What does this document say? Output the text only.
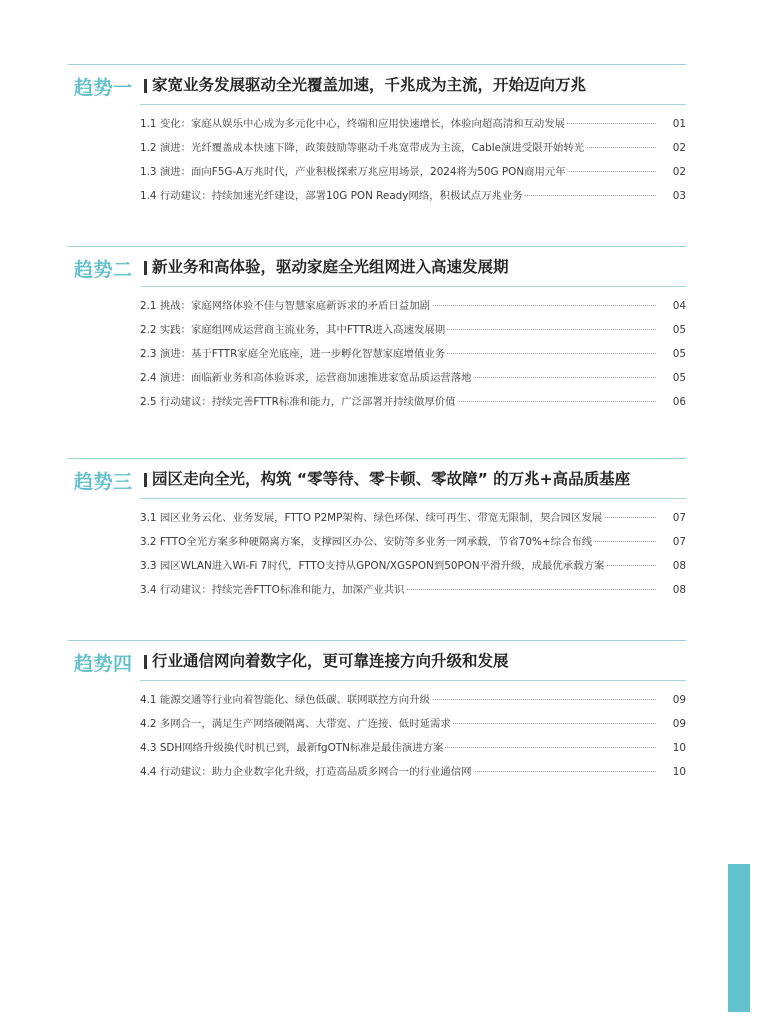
趋势一 家宽业务发展驱动全光覆盖加速，千兆成为主流，开始迈向万兆
1.1 变化：家庭从娱乐中心成为多元化中心，终端和应用快速增长，体验向超高清和互动发展	01
1.2 演进：光纤覆盖成本快速下降，政策鼓励等驱动千兆宽带成为主流，Cable演进受限开始转光	02
1.3 演进：面向F5G-A万兆时代，产业积极探索万兆应用场景，2024将为50G PON商用元年	02
1.4 行动建议：持续加速光纤建设，部署10G PON Ready网络，积极试点万兆业务	03
趋势二 新业务和高体验，驱动家庭全光组网进入高速发展期
2.1 挑战：家庭网络体验不佳与智慧家庭新诉求的矛盾日益加剧	04
2.2 实践：家庭组网成运营商主流业务，其中FTTR进入高速发展期	05
2.3 演进：基于FTTR家庭全光底座，进一步孵化智慧家庭增值业务	05
2.4 演进：面临新业务和高体验诉求，运营商加速推进家宽品质运营落地	05
2.5 行动建议：持续完善FTTR标准和能力，广泛部署并持续做厚价值	06
趋势三 园区走向全光，构筑 “零等待、零卡顿、零故障” 的万兆+高品质基座
3.1 园区业务云化、业务发展，FTTO P2MP架构、绿色环保、续可再生、带宽无限制，契合园区发展	07
3.2 FTTO全光方案多种硬隔离方案，支撑园区办公、安防等多业务一网承载，节省70%+综合布线	07
3.3 园区WLAN进入Wi-Fi 7时代，FTTO支持从GPON/XGSPON到50PON平滑升级，成最优承载方案	08
3.4 行动建议：持续完善FTTO标准和能力，加深产业共识	08
趋势四 行业通信网向着数字化，更可靠连接方向升级和发展
4.1 能源交通等行业向着智能化、绿色低碳、联网联控方向升级	09
4.2 多网合一，满足生产网络硬隔离、大带宽、广连接、低时延需求	09
4.3 SDH网络升级换代时机已到，最新fgOTN标准是最佳演进方案	10
4.4 行动建议：助力企业数字化升级，打造高品质多网合一的行业通信网	10
